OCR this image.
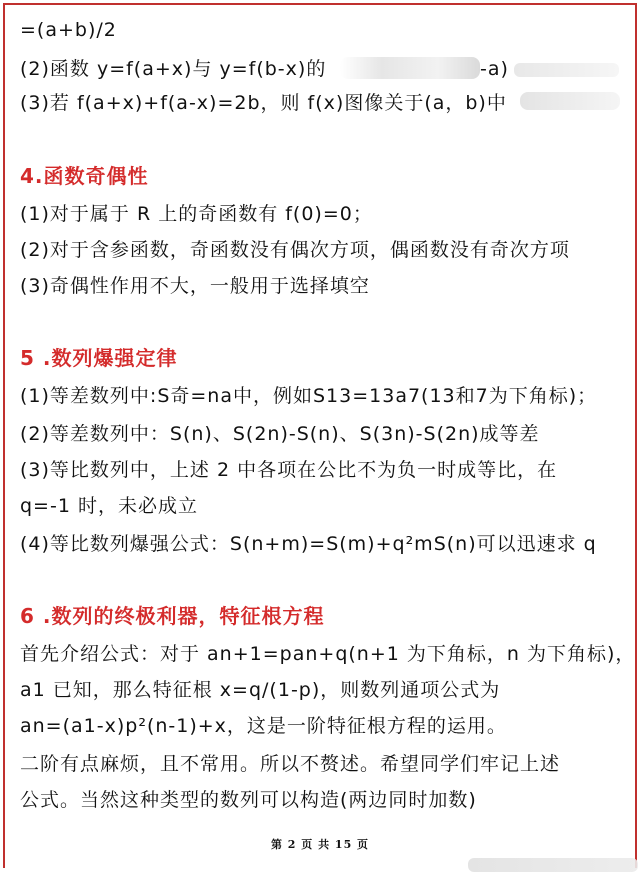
=(a+b)/2
(2)函数 y=f(a+x)与 y=f(b-x)的	-a)
(3)若 f(a+x)+f(a-x)=2b，则 f(x)图像关于(a，b)中
4.函数奇偶性
(1)对于属于 R 上的奇函数有 f(0)=0；
(2)对于含参函数，奇函数没有偶次方项，偶函数没有奇次方项
(3)奇偶性作用不大，一般用于选择填空
5 .数列爆强定律
(1)等差数列中:S奇=na中，例如S13=13a7(13和7为下角标)；
(2)等差数列中：S(n)、S(2n)-S(n)、S(3n)-S(2n)成等差
(3)等比数列中，上述 2 中各项在公比不为负一时成等比，在
q=-1 时，未必成立
(4)等比数列爆强公式：S(n+m)=S(m)+q²mS(n)可以迅速求 q
6 .数列的终极利器，特征根方程
首先介绍公式：对于 an+1=pan+q(n+1 为下角标，n 为下角标)，
a1 已知，那么特征根 x=q/(1-p)，则数列通项公式为
an=(a1-x)p²(n-1)+x，这是一阶特征根方程的运用。
二阶有点麻烦，且不常用。所以不赘述。希望同学们牢记上述
公式。当然这种类型的数列可以构造(两边同时加数)
第 2 页 共 15 页
